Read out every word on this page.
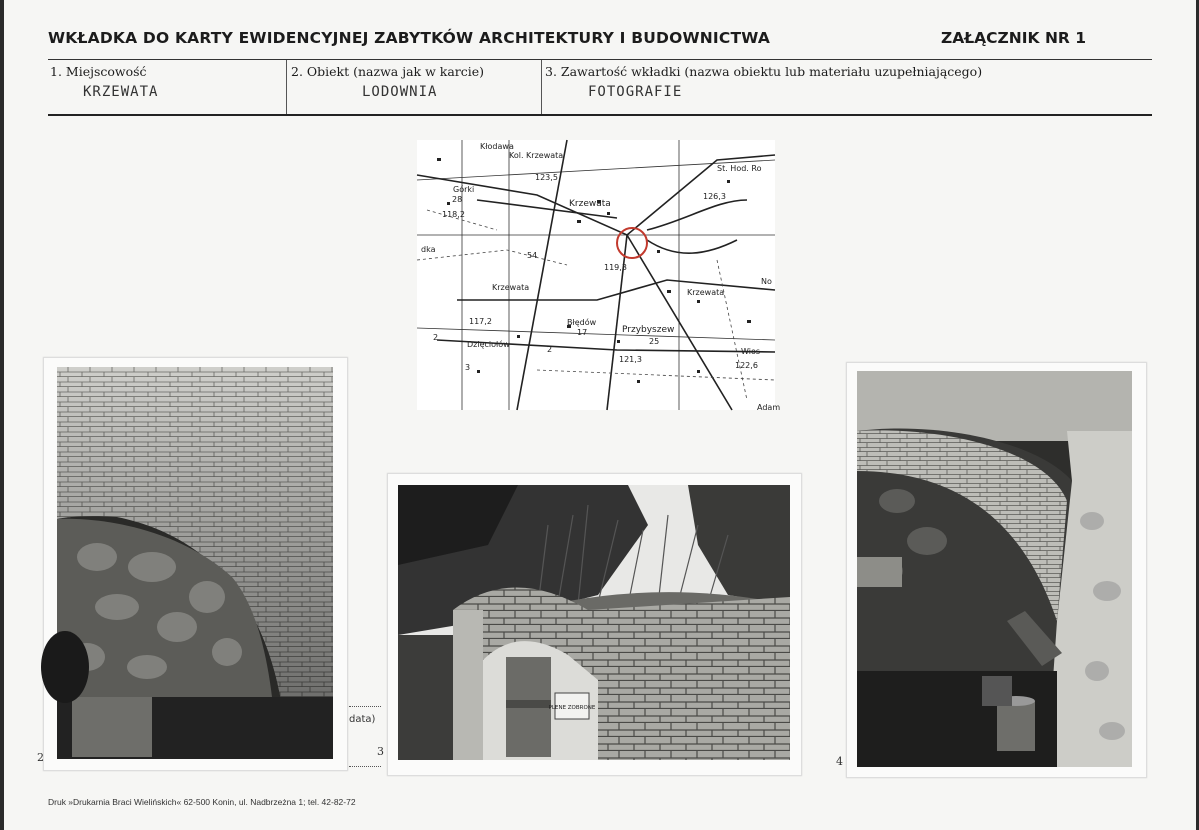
WKŁADKA DO KARTY EWIDENCYJNEJ ZABYTKÓW ARCHITEKTURY I BUDOWNICTWA	ZAŁĄCZNIK NR 1
1. Miejscowość
KRZEWATA
2. Obiekt (nazwa jak w karcie)
LODOWNIA
3. Zawartość wkładki (nazwa obiektu lub materiału uzupełniającego)
FOTOGRAFIE
Kłodawa
Kol. Krzewata
St. Hod. Ro
Górki
Krzewata
Krzewata
Krzewata
Błędów
Przybyszew
Dzięciołów
Wios
Adam
No
123,5
126,3
118,2
117,2
119,3
121,3
122,6
28
17
25
54
2
2
3
dka
2
PLENE ZOBRONE
3
4
data)
Druk »Drukarnia Braci Wielińskich« 62-500 Konin, ul. Nadbrzeżna 1; tel. 42-82-72
